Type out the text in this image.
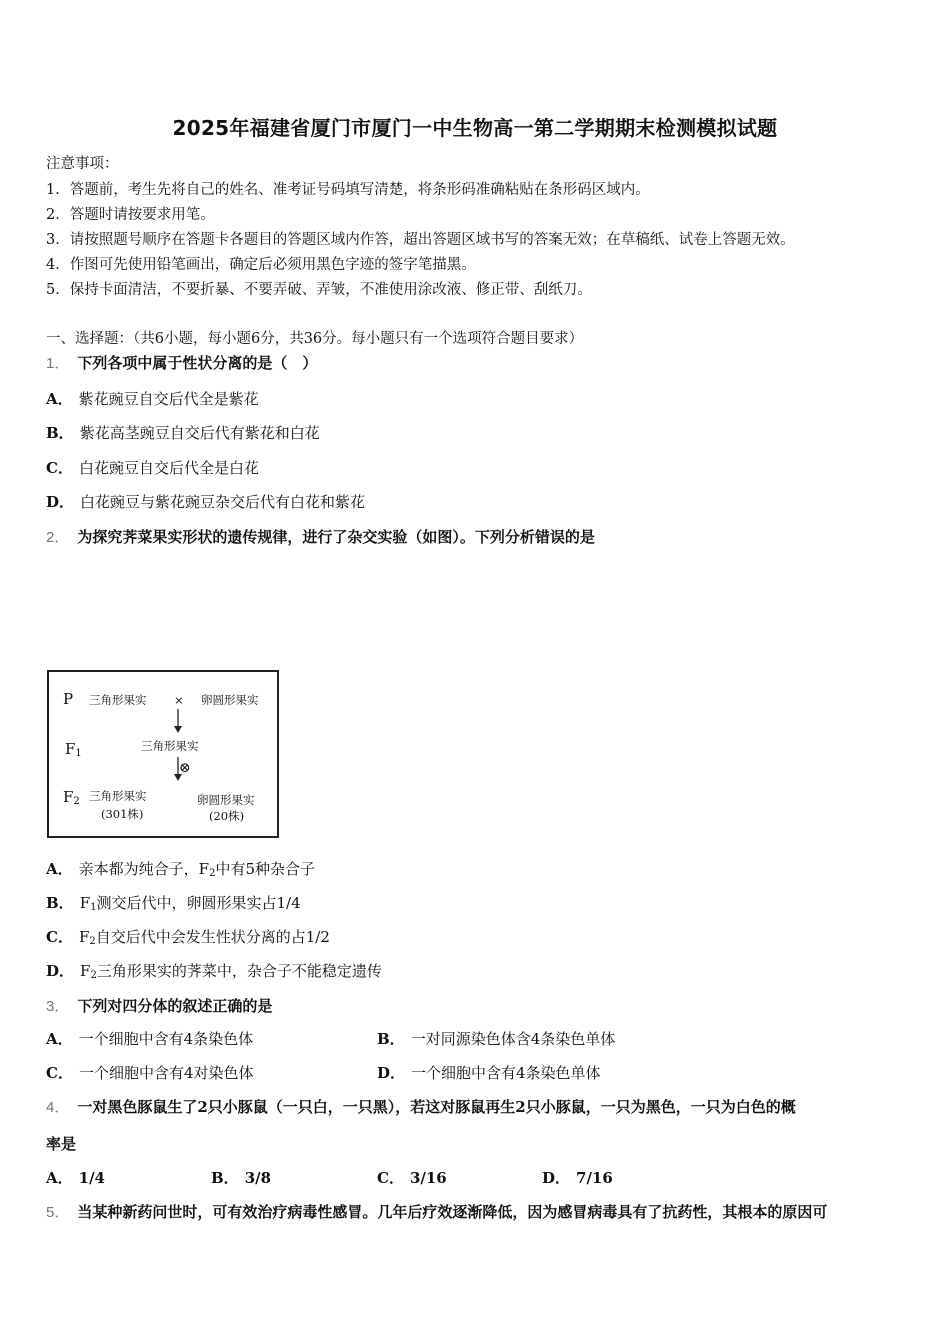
2025年福建省厦门市厦门一中生物高一第二学期期末检测模拟试题
注意事项：
1．答题前，考生先将自己的姓名、准考证号码填写清楚，将条形码准确粘贴在条形码区域内。
2．答题时请按要求用笔。
3．请按照题号顺序在答题卡各题目的答题区域内作答，超出答题区域书写的答案无效；在草稿纸、试卷上答题无效。
4．作图可先使用铅笔画出，确定后必须用黑色字迹的签字笔描黑。
5．保持卡面清洁，不要折暴、不要弄破、弄皱，不准使用涂改液、修正带、刮纸刀。
一、选择题：（共6小题，每小题6分，共36分。每小题只有一个选项符合题目要求）
1． 下列各项中属于性状分离的是（　）
A． 紫花豌豆自交后代全是紫花
B． 紫花高茎豌豆自交后代有紫花和白花
C． 白花豌豆自交后代全是白花
D． 白花豌豆与紫花豌豆杂交后代有白花和紫花
2． 为探究荠菜果实形状的遗传规律，进行了杂交实验（如图）。下列分析错误的是
P 三角形果实 × 卵圆形果实
$F_1$
三角形果实
⊗
$F_2$ 三角形果实
(301株)
卵圆形果实
(20株)
A． 亲本都为纯合子，$F_2$中有5种杂合子
B． $F_1$测交后代中，卵圆形果实占1/4
C． $F_2$自交后代中会发生性状分离的占1/2
D． $F_2$三角形果实的荠菜中，杂合子不能稳定遗传
3． 下列对四分体的叙述正确的是
A． 一个细胞中含有4条染色体	B． 一对同源染色体含4条染色单体
C． 一个细胞中含有4对染色体	D． 一个细胞中含有4条染色单体
4． 一对黑色豚鼠生了2只小豚鼠（一只白，一只黑），若这对豚鼠再生2只小豚鼠，一只为黑色，一只为白色的概
率是
A． 1/4	B． 3/8	C． 3/16	D． 7/16
5． 当某种新药问世时，可有效治疗病毒性感冒。几年后疗效逐渐降低，因为感冒病毒具有了抗药性，其根本的原因可
